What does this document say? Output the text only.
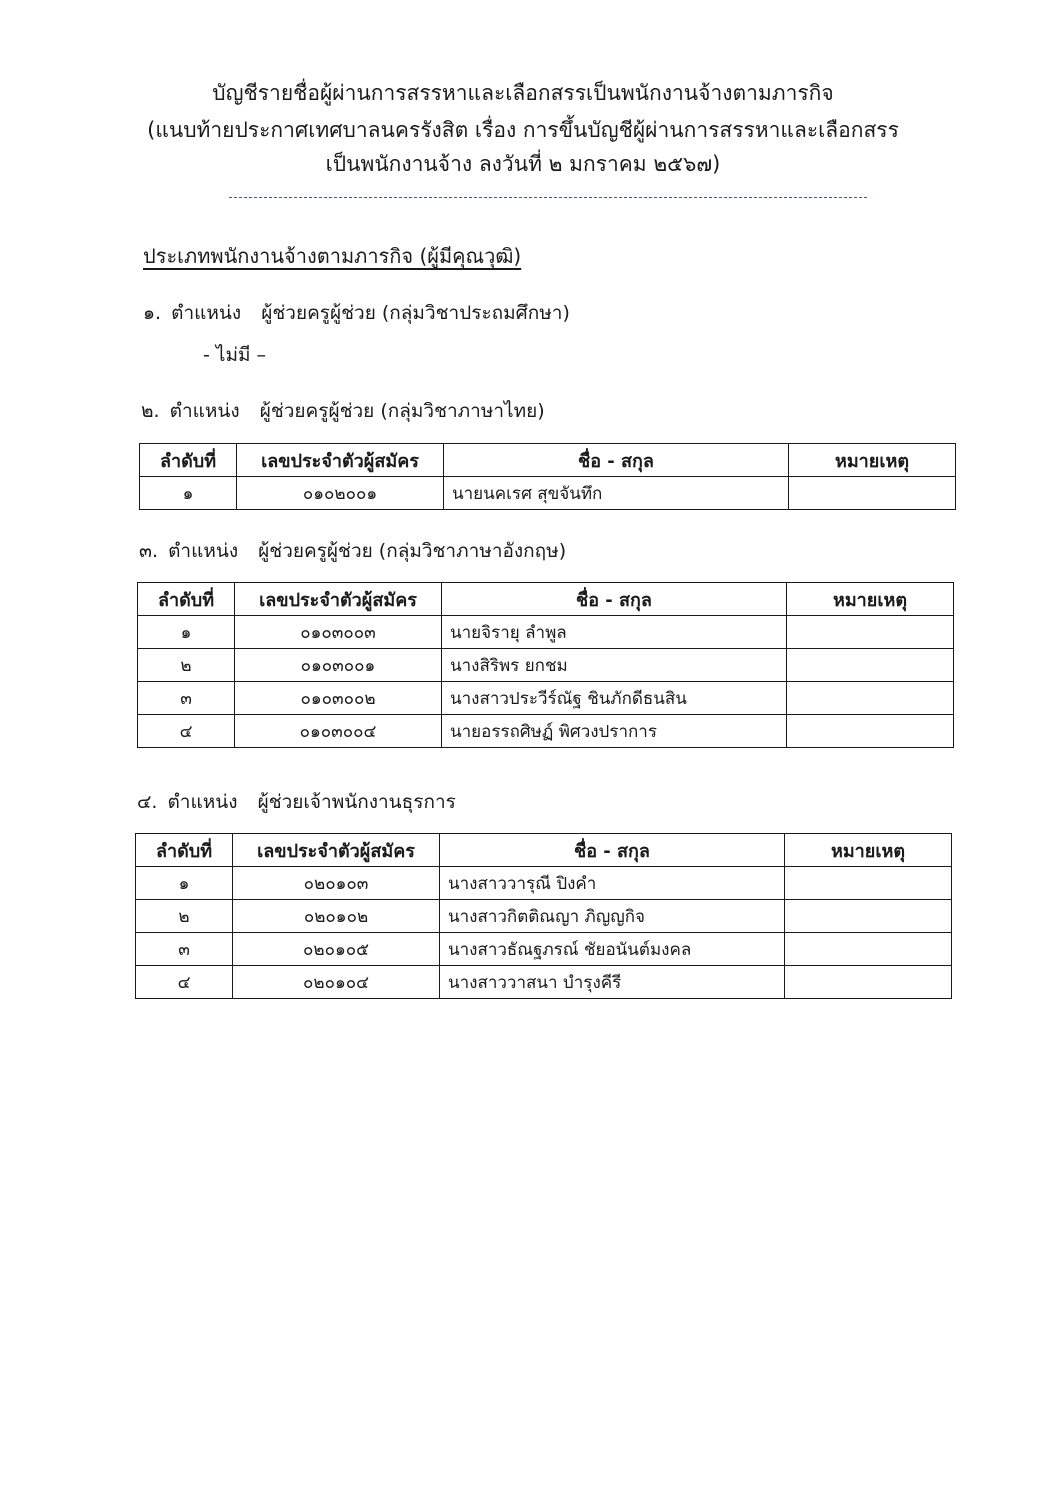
บัญชีรายชื่อผู้ผ่านการสรรหาและเลือกสรรเป็นพนักงานจ้างตามภารกิจ
(แนบท้ายประกาศเทศบาลนครรังสิต เรื่อง การขึ้นบัญชีผู้ผ่านการสรรหาและเลือกสรร
เป็นพนักงานจ้าง ลงวันที่ ๒ มกราคม ๒๕๖๗)
ประเภทพนักงานจ้างตามภารกิจ (ผู้มีคุณวุฒิ)
๑. ตำแหน่ง ผู้ช่วยครูผู้ช่วย (กลุ่มวิชาประถมศึกษา)
- ไม่มี –
๒. ตำแหน่ง ผู้ช่วยครูผู้ช่วย (กลุ่มวิชาภาษาไทย)
ลำดับที่	เลขประจำตัวผู้สมัคร	ชื่อ - สกุล	หมายเหตุ
๑	๐๑๐๒๐๐๑	นายนคเรศ สุขจันทึก	
๓. ตำแหน่ง ผู้ช่วยครูผู้ช่วย (กลุ่มวิชาภาษาอังกฤษ)
ลำดับที่	เลขประจำตัวผู้สมัคร	ชื่อ - สกุล	หมายเหตุ
๑	๐๑๐๓๐๐๓	นายจิรายุ ลำพูล	
๒	๐๑๐๓๐๐๑	นางสิริพร ยกชม	
๓	๐๑๐๓๐๐๒	นางสาวประวีร์ณัฐ ชินภักดีธนสิน	
๔	๐๑๐๓๐๐๔	นายอรรถศิษฏ์ พิศวงปราการ	
๔. ตำแหน่ง ผู้ช่วยเจ้าพนักงานธุรการ
ลำดับที่	เลขประจำตัวผู้สมัคร	ชื่อ - สกุล	หมายเหตุ
๑	๐๒๐๑๐๓	นางสาววารุณี ปิงคำ	
๒	๐๒๐๑๐๒	นางสาวกิตติณญา ภิญญกิจ	
๓	๐๒๐๑๐๕	นางสาวธัณฐภรณ์ ชัยอนันต์มงคล	
๔	๐๒๐๑๐๔	นางสาววาสนา บำรุงคีรี	
